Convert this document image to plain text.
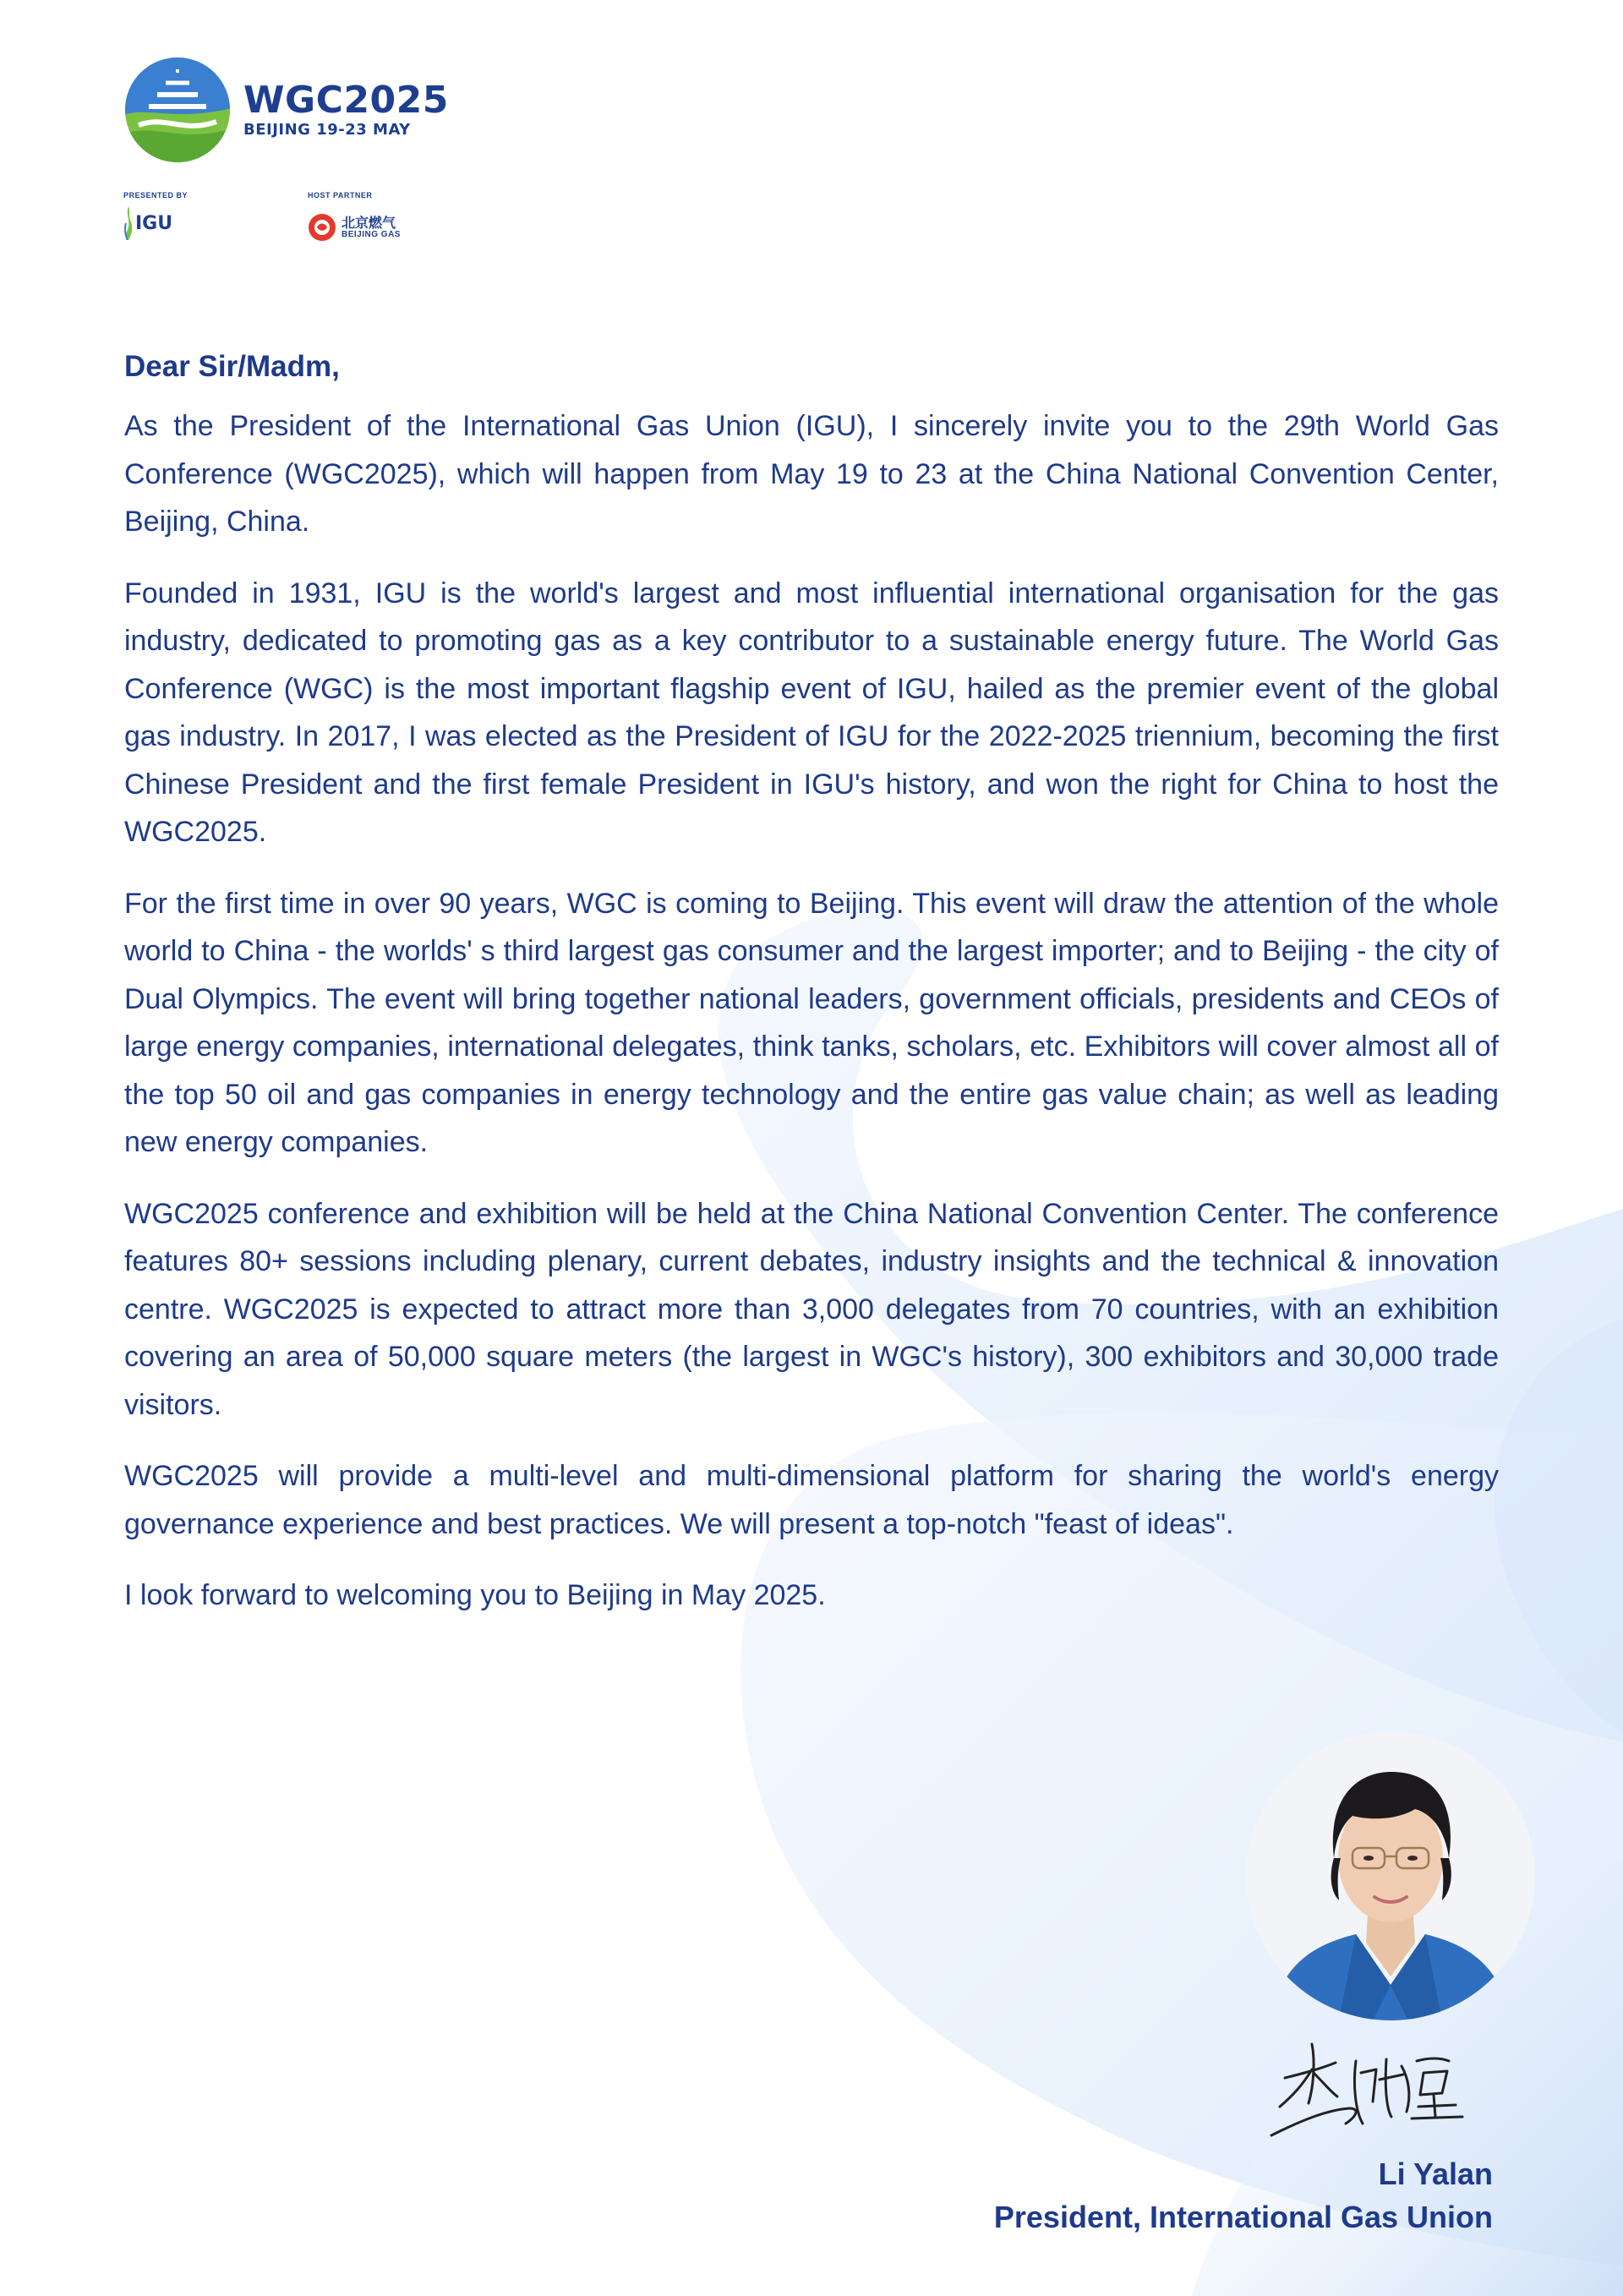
WGC2025
BEIJING 19-23 MAY
PRESENTED BY	HOST PARTNER
IGU	北京燃气
BEIJING GAS

Dear Sir/Madm,

As the President of the International Gas Union (IGU), I sincerely invite you to the 29th World Gas Conference (WGC2025), which will happen from May 19 to 23 at the China National Convention Center, Beijing, China.

Founded in 1931, IGU is the world's largest and most influential international organisation for the gas industry, dedicated to promoting gas as a key contributor to a sustainable energy future. The World Gas Conference (WGC) is the most important flagship event of IGU, hailed as the premier event of the global gas industry. In 2017, I was elected as the President of IGU for the 2022-2025 triennium, becoming the first Chinese President and the first female President in IGU's history, and won the right for China to host the WGC2025.

For the first time in over 90 years, WGC is coming to Beijing. This event will draw the attention of the whole world to China - the worlds' s third largest gas consumer and the largest importer; and to Beijing - the city of Dual Olympics. The event will bring together national leaders, government officials, presidents and CEOs of large energy companies, international delegates, think tanks, scholars, etc. Exhibitors will cover almost all of the top 50 oil and gas companies in energy technology and the entire gas value chain; as well as leading new energy companies.

WGC2025 conference and exhibition will be held at the China National Convention Center. The conference features 80+ sessions including plenary, current debates, industry insights and the technical & innovation centre. WGC2025 is expected to attract more than 3,000 delegates from 70 countries, with an exhibition covering an area of 50,000 square meters (the largest in WGC's history), 300 exhibitors and 30,000 trade visitors.

WGC2025 will provide a multi-level and multi-dimensional platform for sharing the world's energy governance experience and best practices. We will present a top-notch "feast of ideas".

I look forward to welcoming you to Beijing in May 2025.

Li Yalan
President, International Gas Union
